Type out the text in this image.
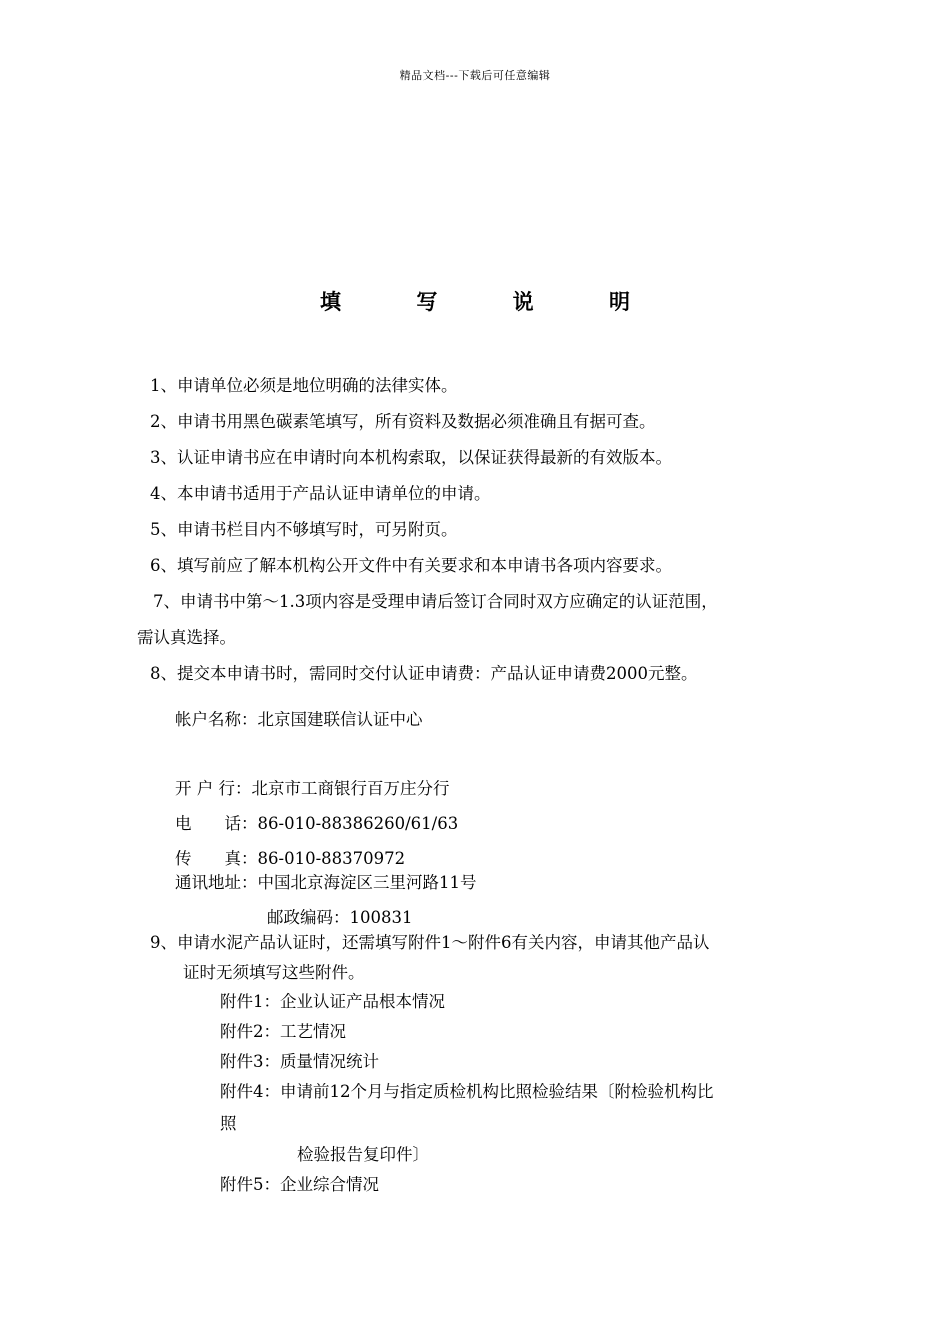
精品文档---下载后可任意编辑
填 写 说 明

1、申请单位必须是地位明确的法律实体。

2、申请书用黑色碳素笔填写，所有资料及数据必须准确且有据可查。

3、认证申请书应在申请时向本机构索取，以保证获得最新的有效版本。

4、本申请书适用于产品认证申请单位的申请。

5、申请书栏目内不够填写时，可另附页。

6、填写前应了解本机构公开文件中有关要求和本申请书各项内容要求。

7、申请书中第～1.3项内容是受理申请后签订合同时双方应确定的认证范围，

需认真选择。

8、提交本申请书时，需同时交付认证申请费：产品认证申请费2000元整。

帐户名称：北京国建联信认证中心

开 户 行：北京市工商银行百万庄分行

电　　话：86-010-88386260/61/63

传　　真：86-010-88370972

通讯地址：中国北京海淀区三里河路11号

邮政编码：100831

9、申请水泥产品认证时，还需填写附件1～附件6有关内容，申请其他产品认

证时无须填写这些附件。

附件1：企业认证产品根本情况

附件2：工艺情况

附件3：质量情况统计

附件4：申请前12个月与指定质检机构比照检验结果〔附检验机构比

照

检验报告复印件〕

附件5：企业综合情况
